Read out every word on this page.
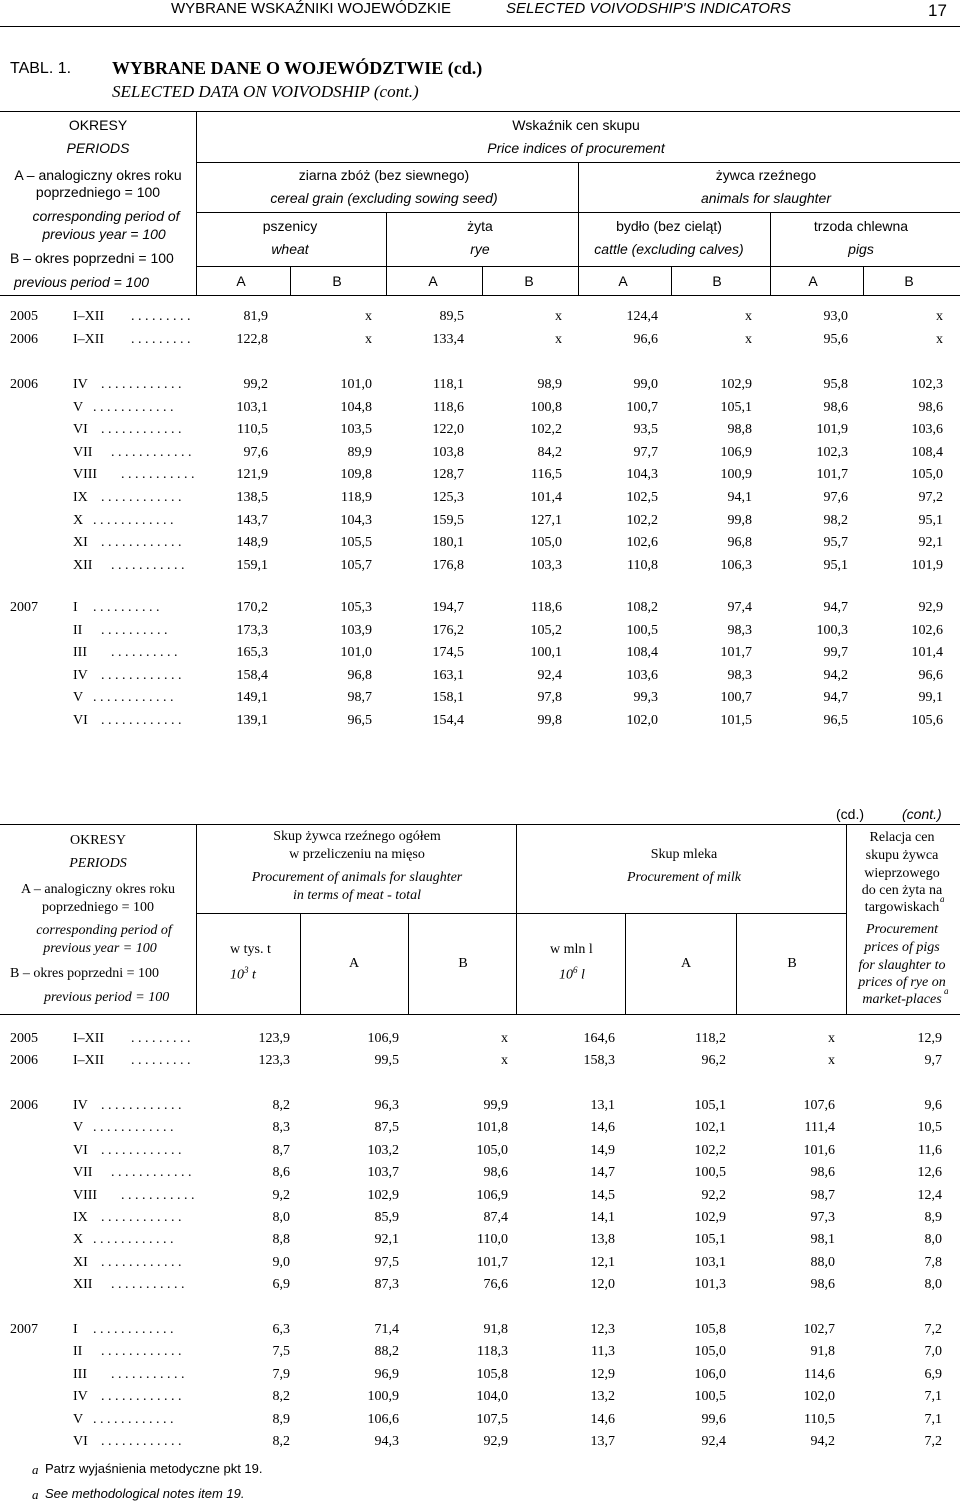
WYBRANE WSKAŹNIKI WOJEWÓDZKIE	SELECTED VOIVODSHIP'S INDICATORS	17
TABL. 1. WYBRANE DANE O WOJEWÓDZTWIE (cd.)
SELECTED DATA ON VOIVODSHIP (cont.)
OKRESY
PERIODS
A – analogiczny okres roku
poprzedniego = 100
corresponding period of
previous year = 100
B – okres poprzedni = 100
previous period = 100
Wskaźnik cen skupu
Price indices of procurement
ziarna zbóż (bez siewnego)
cereal grain (excluding sowing seed)
żywca rzeźnego
animals for slaughter
pszenicy
wheat
żyta
rye
bydło (bez cieląt)
cattle (excluding calves)
trzoda chlewna
pigs
A	B	A	B	A	B	A	B
2005	I–XII . . . . . . . . .	81,9	x	89,5	x	124,4	x	93,0	x
2006	I–XII . . . . . . . . .	122,8	x	133,4	x	96,6	x	95,6	x
2006	IV . . . . . . . . . . . .	99,2	101,0	118,1	98,9	99,0	102,9	95,8	102,3
V . . . . . . . . . . . .	103,1	104,8	118,6	100,8	100,7	105,1	98,6	98,6
VI . . . . . . . . . . . .	110,5	103,5	122,0	102,2	93,5	98,8	101,9	103,6
VII . . . . . . . . . . . .	97,6	89,9	103,8	84,2	97,7	106,9	102,3	108,4
VIII . . . . . . . . . . .	121,9	109,8	128,7	116,5	104,3	100,9	101,7	105,0
IX . . . . . . . . . . . .	138,5	118,9	125,3	101,4	102,5	94,1	97,6	97,2
X . . . . . . . . . . . .	143,7	104,3	159,5	127,1	102,2	99,8	98,2	95,1
XI . . . . . . . . . . . .	148,9	105,5	180,1	105,0	102,6	96,8	95,7	92,1
XII . . . . . . . . . . .	159,1	105,7	176,8	103,3	110,8	106,3	95,1	101,9
2007	I . . . . . . . . . .	170,2	105,3	194,7	118,6	108,2	97,4	94,7	92,9
II . . . . . . . . . .	173,3	103,9	176,2	105,2	100,5	98,3	100,3	102,6
III . . . . . . . . . .	165,3	101,0	174,5	100,1	108,4	101,7	99,7	101,4
IV . . . . . . . . . . . .	158,4	96,8	163,1	92,4	103,6	98,3	94,2	96,6
V . . . . . . . . . . . .	149,1	98,7	158,1	97,8	99,3	100,7	94,7	99,1
VI . . . . . . . . . . . .	139,1	96,5	154,4	99,8	102,0	101,5	96,5	105,6
(cd.)	(cont.)
OKRESY
PERIODS
A – analogiczny okres roku
poprzedniego = 100
corresponding period of
previous year = 100
B – okres poprzedni = 100
previous period = 100
Skup żywca rzeźnego ogółem
w przeliczeniu na mięso
Procurement of animals for slaughter
in terms of meat - total
Skup mleka
Procurement of milk
Relacja cen
skupu żywca
wieprzowego
do cen żyta na
targowiskach
a
Procurement
prices of pigs
for slaughter to
prices of rye on
market-places
a
w tys. t
$10^3$ t
w mln l
$10^6$ l
A	B	A	B
2005	I–XII . . . . . . . . .	123,9	106,9	x	164,6	118,2	x	12,9
2006	I–XII . . . . . . . . .	123,3	99,5	x	158,3	96,2	x	9,7
2006	IV . . . . . . . . . . . .	8,2	96,3	99,9	13,1	105,1	107,6	9,6
V . . . . . . . . . . . .	8,3	87,5	101,8	14,6	102,1	111,4	10,5
VI . . . . . . . . . . . .	8,7	103,2	105,0	14,9	102,2	101,6	11,6
VII . . . . . . . . . . . .	8,6	103,7	98,6	14,7	100,5	98,6	12,6
VIII . . . . . . . . . . .	9,2	102,9	106,9	14,5	92,2	98,7	12,4
IX . . . . . . . . . . . .	8,0	85,9	87,4	14,1	102,9	97,3	8,9
X . . . . . . . . . . . .	8,8	92,1	110,0	13,8	105,1	98,1	8,0
XI . . . . . . . . . . . .	9,0	97,5	101,7	12,1	103,1	88,0	7,8
XII . . . . . . . . . . .	6,9	87,3	76,6	12,0	101,3	98,6	8,0
2007	I . . . . . . . . . . . .	6,3	71,4	91,8	12,3	105,8	102,7	7,2
II . . . . . . . . . . . .	7,5	88,2	118,3	11,3	105,0	91,8	7,0
III . . . . . . . . . . .	7,9	96,9	105,8	12,9	106,0	114,6	6,9
IV . . . . . . . . . . . .	8,2	100,9	104,0	13,2	100,5	102,0	7,1
V . . . . . . . . . . . .	8,9	106,6	107,5	14,6	99,6	110,5	7,1
VI . . . . . . . . . . . .	8,2	94,3	92,9	13,7	92,4	94,2	7,2
a Patrz wyjaśnienia metodyczne pkt 19.
a See methodological notes item 19.
